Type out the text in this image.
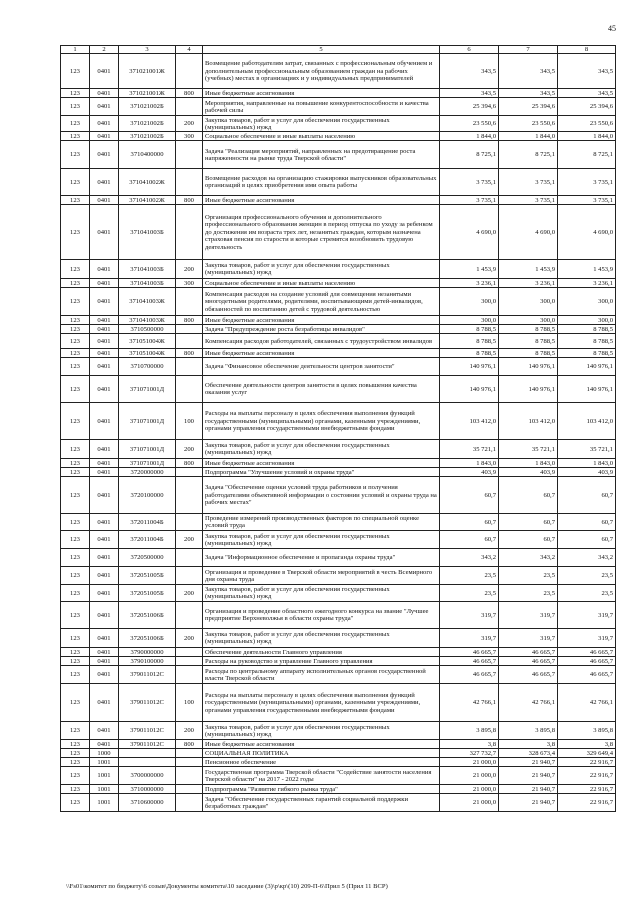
45
1	2	3	4	5	6	7	8
123	0401	371021001Ж		Возмещение работодателям затрат, связанных с профессиональным обучением и дополнительным профессиональным образованием граждан на рабочих (учебных) местах в организациях и у индивидуальных предпринимателей	343,5	343,5	343,5
123	0401	371021001Ж	800	Иные бюджетные ассигнования	343,5	343,5	343,5
123	0401	371021002Б		Мероприятия, направленные на повышение конкурентоспособности и качества рабочей силы	25 394,6	25 394,6	25 394,6
123	0401	371021002Б	200	Закупка товаров, работ и услуг для обеспечения государственных (муниципальных) нужд	23 550,6	23 550,6	23 550,6
123	0401	371021002Б	300	Социальное обеспечение и иные выплаты населению	1 844,0	1 844,0	1 844,0
123	0401	3710400000		Задача "Реализация мероприятий, направленных на предотвращение роста напряженности на рынке труда Тверской области"	8 725,1	8 725,1	8 725,1
123	0401	371041002Ж		Возмещение расходов на организацию стажировки выпускников образовательных организаций в целях приобретения ими опыта работы	3 735,1	3 735,1	3 735,1
123	0401	371041002Ж	800	Иные бюджетные ассигнования	3 735,1	3 735,1	3 735,1
123	0401	371041003Б		Организация профессионального обучения и дополнительного профессионального образования женщин в период отпуска по уходу за ребенком до достижения им возраста трех лет, незанятых граждан, которым назначена страховая пенсия по старости и которые стремятся возобновить трудовую деятельность	4 690,0	4 690,0	4 690,0
123	0401	371041003Б	200	Закупка товаров, работ и услуг для обеспечения государственных (муниципальных) нужд	1 453,9	1 453,9	1 453,9
123	0401	371041003Б	300	Социальное обеспечение и иные выплаты населению	3 236,1	3 236,1	3 236,1
123	0401	371041003Ж		Компенсация расходов на создание условий для совмещения незанятыми многодетными родителями, родителями, воспитывающими детей-инвалидов, обязанностей по воспитанию детей с трудовой деятельностью	300,0	300,0	300,0
123	0401	371041003Ж	800	Иные бюджетные ассигнования	300,0	300,0	300,0
123	0401	3710500000		Задача "Предупреждение роста безработицы инвалидов"	8 788,5	8 788,5	8 788,5
123	0401	371051004Ж		Компенсация расходов работодателей, связанных с трудоустройством инвалидов	8 788,5	8 788,5	8 788,5
123	0401	371051004Ж	800	Иные бюджетные ассигнования	8 788,5	8 788,5	8 788,5
123	0401	3710700000		Задача "Финансовое обеспечение деятельности центров занятости"	140 976,1	140 976,1	140 976,1
123	0401	371071001Д		Обеспечение деятельности центров занятости в целях повышения качества оказания услуг	140 976,1	140 976,1	140 976,1
123	0401	371071001Д	100	Расходы на выплаты персоналу в целях обеспечения выполнения функций государственными (муниципальными) органами, казенными учреждениями, органами управления государственными внебюджетными фондами	103 412,0	103 412,0	103 412,0
123	0401	371071001Д	200	Закупка товаров, работ и услуг для обеспечения государственных (муниципальных) нужд	35 721,1	35 721,1	35 721,1
123	0401	371071001Д	800	Иные бюджетные ассигнования	1 843,0	1 843,0	1 843,0
123	0401	3720000000		Подпрограмма "Улучшение условий и охраны труда"	403,9	403,9	403,9
123	0401	3720100000		Задача "Обеспечение оценки условий труда работников и получения работодателями объективной информации о состоянии условий и охраны труда на рабочих местах"	60,7	60,7	60,7
123	0401	372011004Б		Проведение измерений производственных факторов по специальной оценке условий труда	60,7	60,7	60,7
123	0401	372011004Б	200	Закупка товаров, работ и услуг для обеспечения государственных (муниципальных) нужд	60,7	60,7	60,7
123	0401	3720500000		Задача "Информационное обеспечение и пропаганда охраны труда"	343,2	343,2	343,2
123	0401	372051005Б		Организация и проведение в Тверской области мероприятий в честь Всемирного дня охраны труда	23,5	23,5	23,5
123	0401	372051005Б	200	Закупка товаров, работ и услуг для обеспечения государственных (муниципальных) нужд	23,5	23,5	23,5
123	0401	372051006Б		Организация и проведение областного ежегодного конкурса на звание "Лучшее предприятие Верхневолжья в области охраны труда"	319,7	319,7	319,7
123	0401	372051006Б	200	Закупка товаров, работ и услуг для обеспечения государственных (муниципальных) нужд	319,7	319,7	319,7
123	0401	3790000000		Обеспечение деятельности Главного управления	46 665,7	46 665,7	46 665,7
123	0401	3790100000		Расходы на руководство и управление Главного управления	46 665,7	46 665,7	46 665,7
123	0401	379011012С		Расходы по центральному аппарату исполнительных органов государственной власти Тверской области	46 665,7	46 665,7	46 665,7
123	0401	379011012С	100	Расходы на выплаты персоналу в целях обеспечения выполнения функций государственными (муниципальными) органами, казенными учреждениями, органами управления государственными внебюджетными фондами	42 766,1	42 766,1	42 766,1
123	0401	379011012С	200	Закупка товаров, работ и услуг для обеспечения государственных (муниципальных) нужд	3 895,8	3 895,8	3 895,8
123	0401	379011012С	800	Иные бюджетные ассигнования	3,8	3,8	3,8
123	1000			СОЦИАЛЬНАЯ ПОЛИТИКА	327 732,7	328 673,4	329 649,4
123	1001			Пенсионное обеспечение	21 000,0	21 940,7	22 916,7
123	1001	3700000000		Государственная программа Тверской области "Содействие занятости населения Тверской области" на 2017 - 2022 годы	21 000,0	21 940,7	22 916,7
123	1001	3710000000		Подпрограмма "Развитие гибкого рынка труда"	21 000,0	21 940,7	22 916,7
123	1001	3710600000		Задача "Обеспечение государственных гарантий социальной поддержки безработных граждан"	21 000,0	21 940,7	22 916,7
\\Fs01\комитет по бюджету\6 созыв\Документы комитета\10 заседание (3)\р\кр\(10) 209-П-6\Прил 5 (Прил 11 ВСР)
